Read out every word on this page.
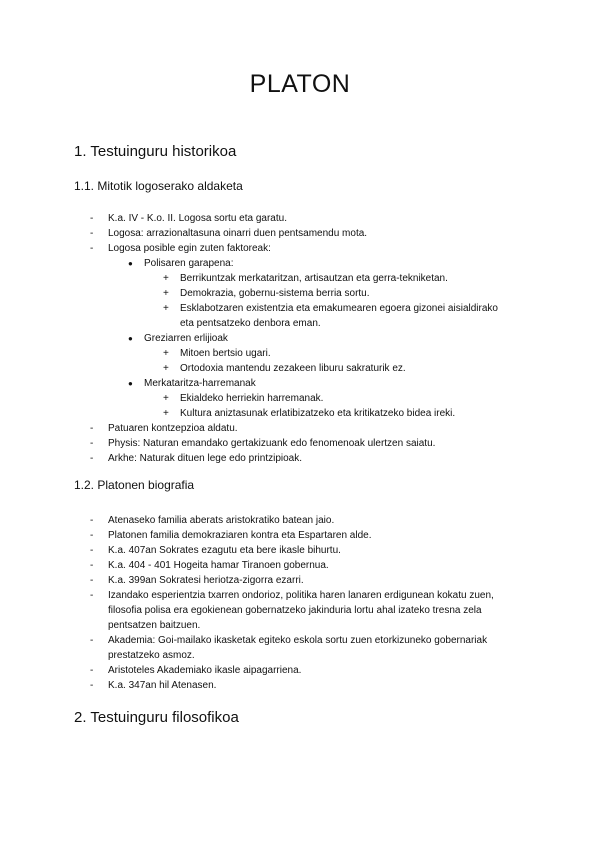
PLATON
1. Testuinguru historikoa
1.1. Mitotik logoserako aldaketa
- K.a. IV - K.o. II. Logosa sortu eta garatu.
- Logosa: arrazionaltasuna oinarri duen pentsamendu mota.
- Logosa posible egin zuten faktoreak:
● Polisaren garapena:
+ Berrikuntzak merkataritzan, artisautzan eta gerra-tekniketan.
+ Demokrazia, gobernu-sistema berria sortu.
+ Esklabotzaren existentzia eta emakumearen egoera gizonei aisialdirako eta pentsatzeko denbora eman.
● Greziarren erlijioak
+ Mitoen bertsio ugari.
+ Ortodoxia mantendu zezakeen liburu sakraturik ez.
● Merkataritza-harremanak
+ Ekialdeko herriekin harremanak.
+ Kultura aniztasunak erlatibizatzeko eta kritikatzeko bidea ireki.
- Patuaren kontzepzioa aldatu.
- Physis: Naturan emandako gertakizuank edo fenomenoak ulertzen saiatu.
- Arkhe: Naturak dituen lege edo printzipioak.
1.2. Platonen biografia
- Atenaseko familia aberats aristokratiko batean jaio.
- Platonen familia demokraziaren kontra eta Espartaren alde.
- K.a. 407an Sokrates ezagutu eta bere ikasle bihurtu.
- K.a. 404 - 401 Hogeita hamar Tiranoen gobernua.
- K.a. 399an Sokratesi heriotza-zigorra ezarri.
- Izandako esperientzia txarren ondorioz, politika haren lanaren erdigunean kokatu zuen, filosofia polisa era egokienean gobernatzeko jakinduria lortu ahal izateko tresna zela pentsatzen baitzuen.
- Akademia: Goi-mailako ikasketak egiteko eskola sortu zuen etorkizuneko gobernariak prestatzeko asmoz.
- Aristoteles Akademiako ikasle aipagarriena.
- K.a. 347an hil Atenasen.
2. Testuinguru filosofikoa
